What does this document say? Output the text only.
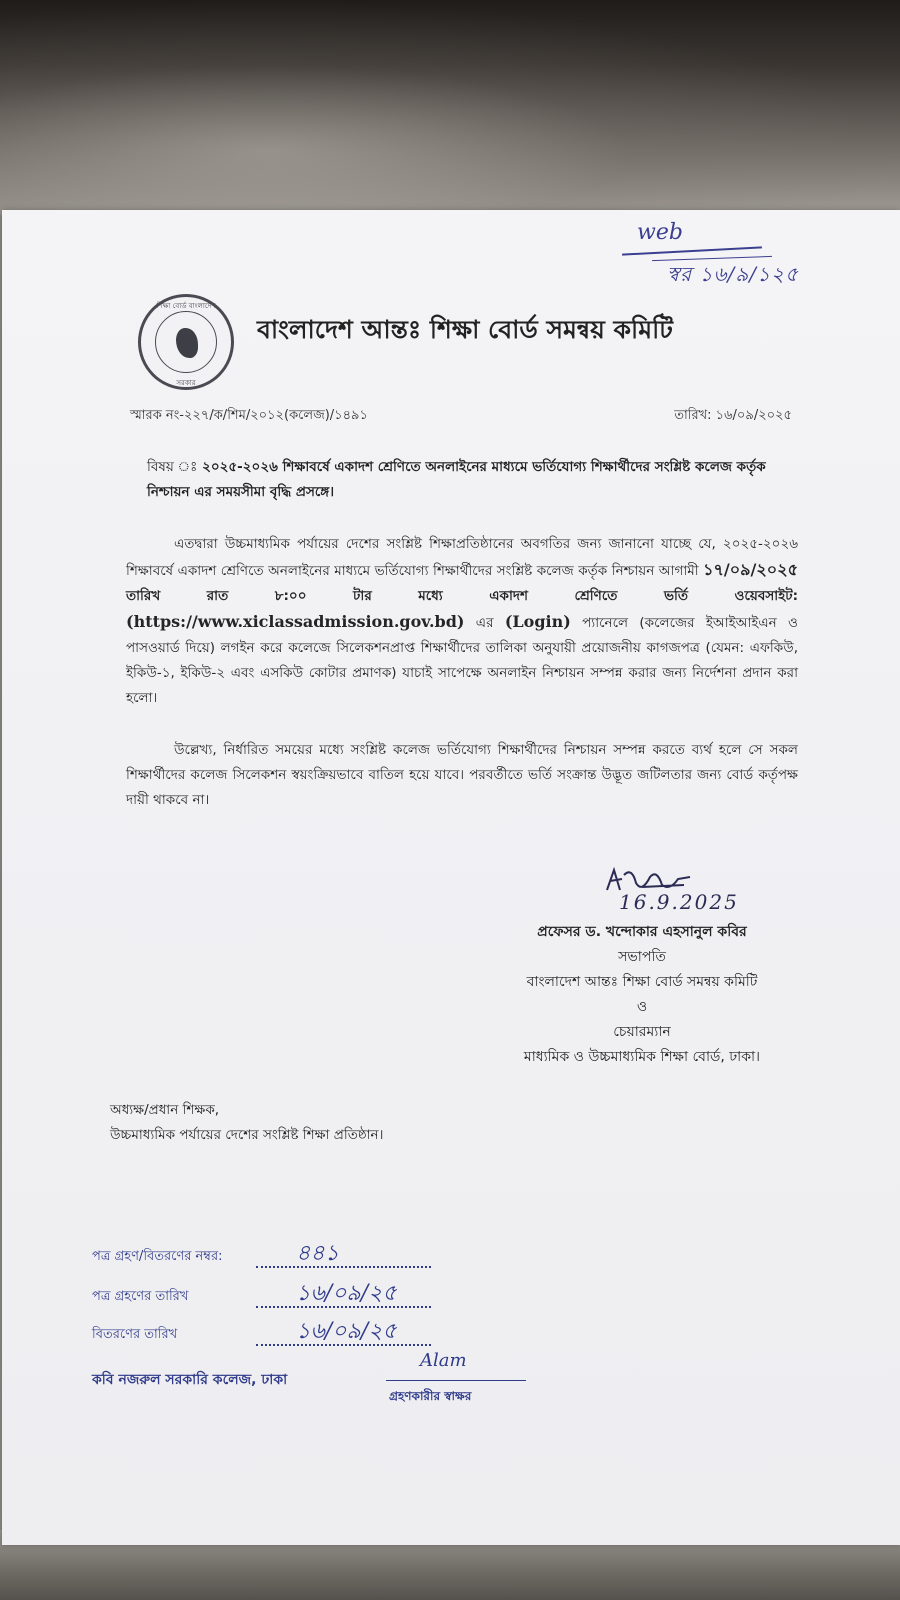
web
স্বর ১৬/৯/১২৫
শিক্ষা বোর্ড বাংলাদেশ
সরকার
বাংলাদেশ আন্তঃ শিক্ষা বোর্ড সমন্বয় কমিটি
স্মারক নং-২২৭/ক/শিম/২০১২(কলেজ)/১৪৯১	তারিখ: ১৬/০৯/২০২৫
বিষয় ঃ ২০২৫-২০২৬ শিক্ষাবর্ষে একাদশ শ্রেণিতে অনলাইনের মাধ্যমে ভর্তিযোগ্য শিক্ষার্থীদের সংশ্লিষ্ট কলেজ কর্তৃক নিশ্চায়ন এর সময়সীমা বৃদ্ধি প্রসঙ্গে।
এতদ্বারা উচ্চমাধ্যমিক পর্যায়ের দেশের সংশ্লিষ্ট শিক্ষাপ্রতিষ্ঠানের অবগতির জন্য জানানো যাচ্ছে যে, ২০২৫-২০২৬ শিক্ষাবর্ষে একাদশ শ্রেণিতে অনলাইনের মাধ্যমে ভর্তিযোগ্য শিক্ষার্থীদের সংশ্লিষ্ট কলেজ কর্তৃক নিশ্চায়ন আগামী ১৭/০৯/২০২৫ তারিখ রাত ৮:০০ টার মধ্যে একাদশ শ্রেণিতে ভর্তি ওয়েবসাইট: (https://www.xiclassadmission.gov.bd) এর (Login) প্যানেলে (কলেজের ইআইআইএন ও পাসওয়ার্ড দিয়ে) লগইন করে কলেজে সিলেকশনপ্রাপ্ত শিক্ষার্থীদের তালিকা অনুযায়ী প্রয়োজনীয় কাগজপত্র (যেমন: এফকিউ, ইকিউ-১, ইকিউ-২ এবং এসকিউ কোটার প্রমাণক) যাচাই সাপেক্ষে অনলাইন নিশ্চায়ন সম্পন্ন করার জন্য নির্দেশনা প্রদান করা হলো।
উল্লেখ্য, নির্ধারিত সময়ের মধ্যে সংশ্লিষ্ট কলেজ ভর্তিযোগ্য শিক্ষার্থীদের নিশ্চায়ন সম্পন্ন করতে ব্যর্থ হলে সে সকল শিক্ষার্থীদের কলেজ সিলেকশন স্বয়ংক্রিয়ভাবে বাতিল হয়ে যাবে। পরবর্তীতে ভর্তি সংক্রান্ত উদ্ভূত জটিলতার জন্য বোর্ড কর্তৃপক্ষ দায়ী থাকবে না।
16.9.2025
প্রফেসর ড. খন্দোকার এহসানুল কবির
সভাপতি
বাংলাদেশ আন্তঃ শিক্ষা বোর্ড সমন্বয় কমিটি
ও
চেয়ারম্যান
মাধ্যমিক ও উচ্চমাধ্যমিক শিক্ষা বোর্ড, ঢাকা।
অধ্যক্ষ/প্রধান শিক্ষক,
উচ্চমাধ্যমিক পর্যায়ের দেশের সংশ্লিষ্ট শিক্ষা প্রতিষ্ঠান।
পত্র গ্রহণ/বিতরণের নম্বর:	৪৪১
পত্র গ্রহণের তারিখ	১৬/০৯/২৫
বিতরণের তারিখ	১৬/০৯/২৫
কবি নজরুল সরকারি কলেজ, ঢাকা
Alam
গ্রহণকারীর স্বাক্ষর
